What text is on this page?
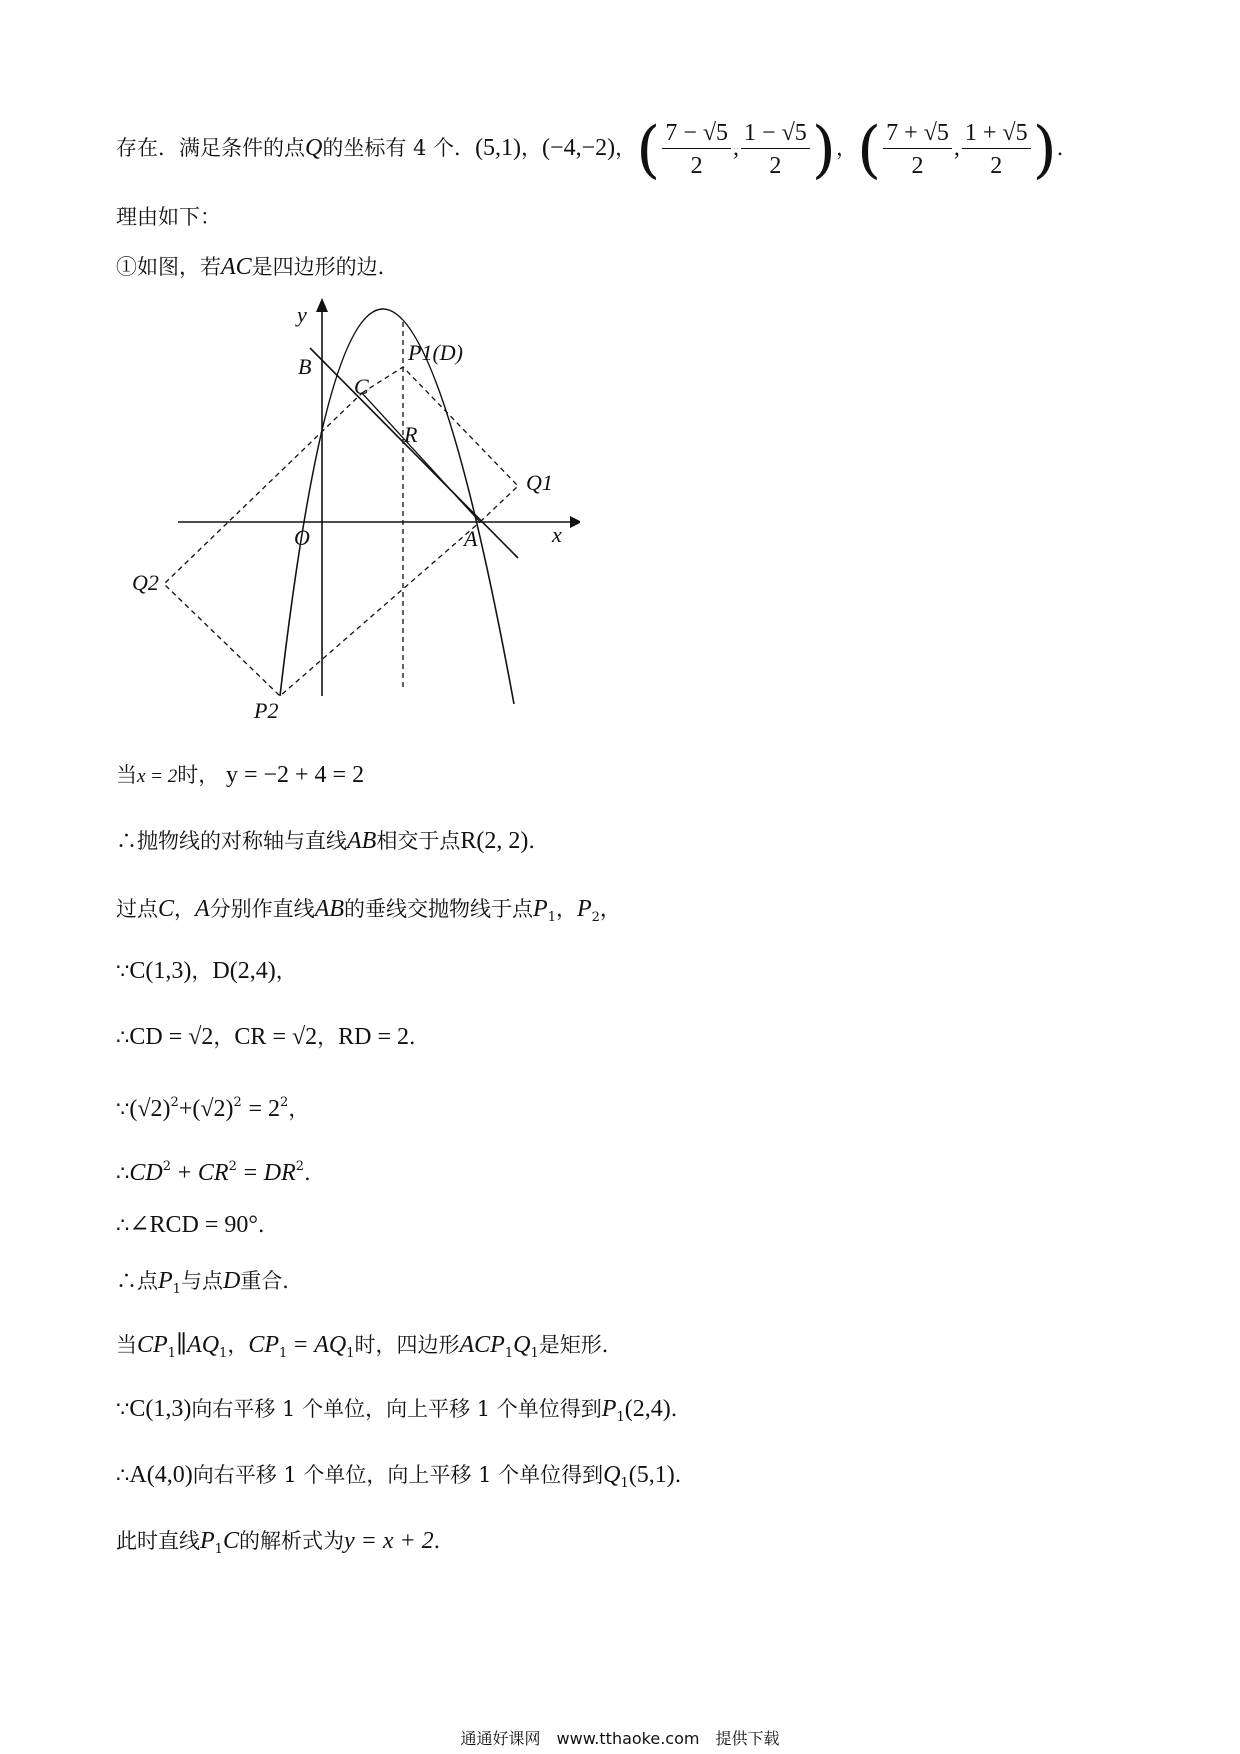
存在．满足条件的点Q的坐标有 4 个．(5,1)，(−4,−2)，( $\frac{7 - √5}{2}$ , $\frac{1 - √5}{2}$ )，( $\frac{7 + √5}{2}$ , $\frac{1 + √5}{2}$ )．
理由如下：
①如图，若AC是四边形的边．
y
x
B
C
P1(D)
R
Q1
O	A
Q2
P2
当x = 2时， y = −2 + 4 = 2
∴抛物线的对称轴与直线AB相交于点R(2, 2)．
过点C，A分别作直线AB的垂线交抛物线于点$P_1$，$P_2$，
∵C(1,3)，D(2,4)，
∴CD = √2，CR = √2，RD = 2．
$\because(√2)^2+(√2)^2 = 2^2$，
$\therefore CD^2 + CR^2 = DR^2$．
∴∠RCD = 90°．
∴点$P_1$与点D重合．
当$CP_1\parallel AQ_1$，$CP_1 = AQ_1$时，四边形$ACP_1Q_1$是矩形．
∵C(1,3)向右平移 1 个单位，向上平移 1 个单位得到$P_1(2,4)$．
∴A(4,0)向右平移 1 个单位，向上平移 1 个单位得到$Q_1(5,1)$．
此时直线$P_1C$的解析式为y = x + 2．
通通好课网　www.tthaoke.com　提供下载
